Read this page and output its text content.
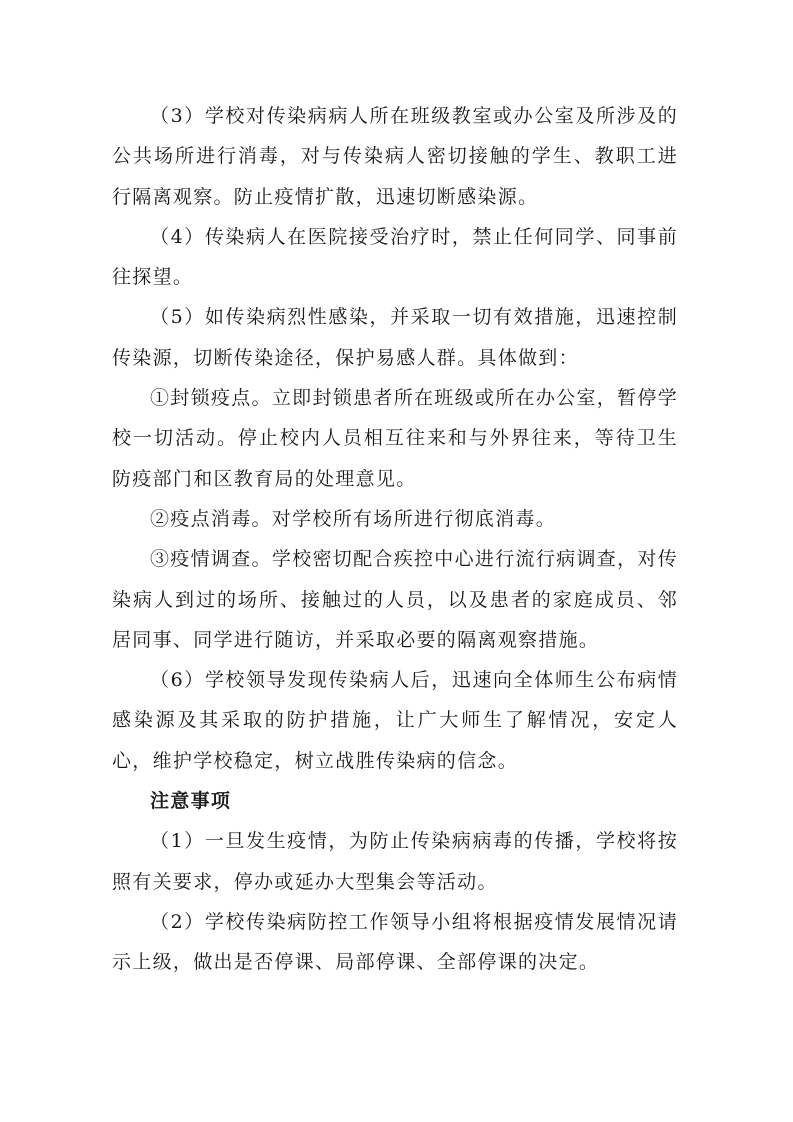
（3）学校对传染病病人所在班级教室或办公室及所涉及的公共场所进行消毒，对与传染病人密切接触的学生、教职工进行隔离观察。防止疫情扩散，迅速切断感染源。

（4）传染病人在医院接受治疗时，禁止任何同学、同事前往探望。

（5）如传染病烈性感染，并采取一切有效措施，迅速控制传染源，切断传染途径，保护易感人群。具体做到：

①封锁疫点。立即封锁患者所在班级或所在办公室，暂停学校一切活动。停止校内人员相互往来和与外界往来，等待卫生防疫部门和区教育局的处理意见。

②疫点消毒。对学校所有场所进行彻底消毒。

③疫情调查。学校密切配合疾控中心进行流行病调查，对传染病人到过的场所、接触过的人员，以及患者的家庭成员、邻居同事、同学进行随访，并采取必要的隔离观察措施。

（6）学校领导发现传染病人后，迅速向全体师生公布病情感染源及其采取的防护措施，让广大师生了解情况，安定人心，维护学校稳定，树立战胜传染病的信念。

注意事项

（1）一旦发生疫情，为防止传染病病毒的传播，学校将按照有关要求，停办或延办大型集会等活动。

（2）学校传染病防控工作领导小组将根据疫情发展情况请示上级，做出是否停课、局部停课、全部停课的决定。
